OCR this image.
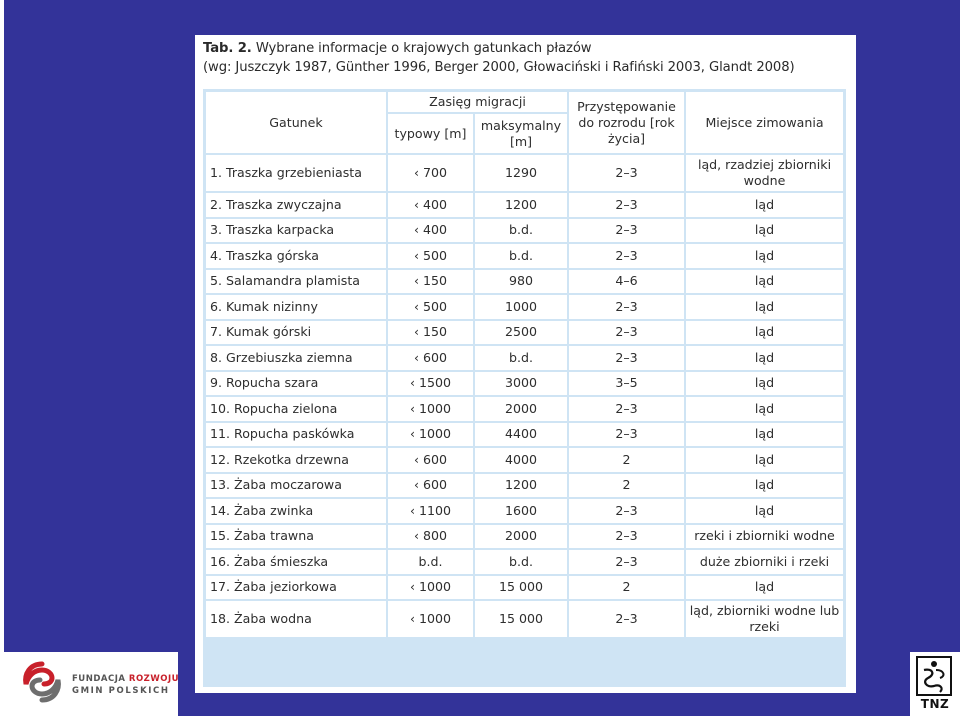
Tab. 2. Wybrane informacje o krajowych gatunkach płazów
(wg: Juszczyk 1987, Günther 1996, Berger 2000, Głowaciński i Rafiński 2003, Glandt 2008)
Gatunek	Zasięg migracji		Przystępowanie do rozrodu [rok życia]	Miejsce zimowania
	typowy [m]	maksymalny [m]		
1. Traszka grzebieniasta	‹ 700	1290	2–3	ląd, rzadziej zbiorniki wodne
2. Traszka zwyczajna	‹ 400	1200	2–3	ląd
3. Traszka karpacka	‹ 400	b.d.	2–3	ląd
4. Traszka górska	‹ 500	b.d.	2–3	ląd
5. Salamandra plamista	‹ 150	980	4–6	ląd
6. Kumak nizinny	‹ 500	1000	2–3	ląd
7. Kumak górski	‹ 150	2500	2–3	ląd
8. Grzebiuszka ziemna	‹ 600	b.d.	2–3	ląd
9. Ropucha szara	‹ 1500	3000	3–5	ląd
10. Ropucha zielona	‹ 1000	2000	2–3	ląd
11. Ropucha paskówka	‹ 1000	4400	2–3	ląd
12. Rzekotka drzewna	‹ 600	4000	2	ląd
13. Żaba moczarowa	‹ 600	1200	2	ląd
14. Żaba zwinka	‹ 1100	1600	2–3	ląd
15. Żaba trawna	‹ 800	2000	2–3	rzeki i zbiorniki wodne
16. Żaba śmieszka	b.d.	b.d.	2–3	duże zbiorniki i rzeki
17. Żaba jeziorkowa	‹ 1000	15 000	2	ląd
18. Żaba wodna	‹ 1000	15 000	2–3	ląd, zbiorniki wodne lub rzeki
FUNDACJA ROZWOJU
GMIN POLSKICH
TNZ
